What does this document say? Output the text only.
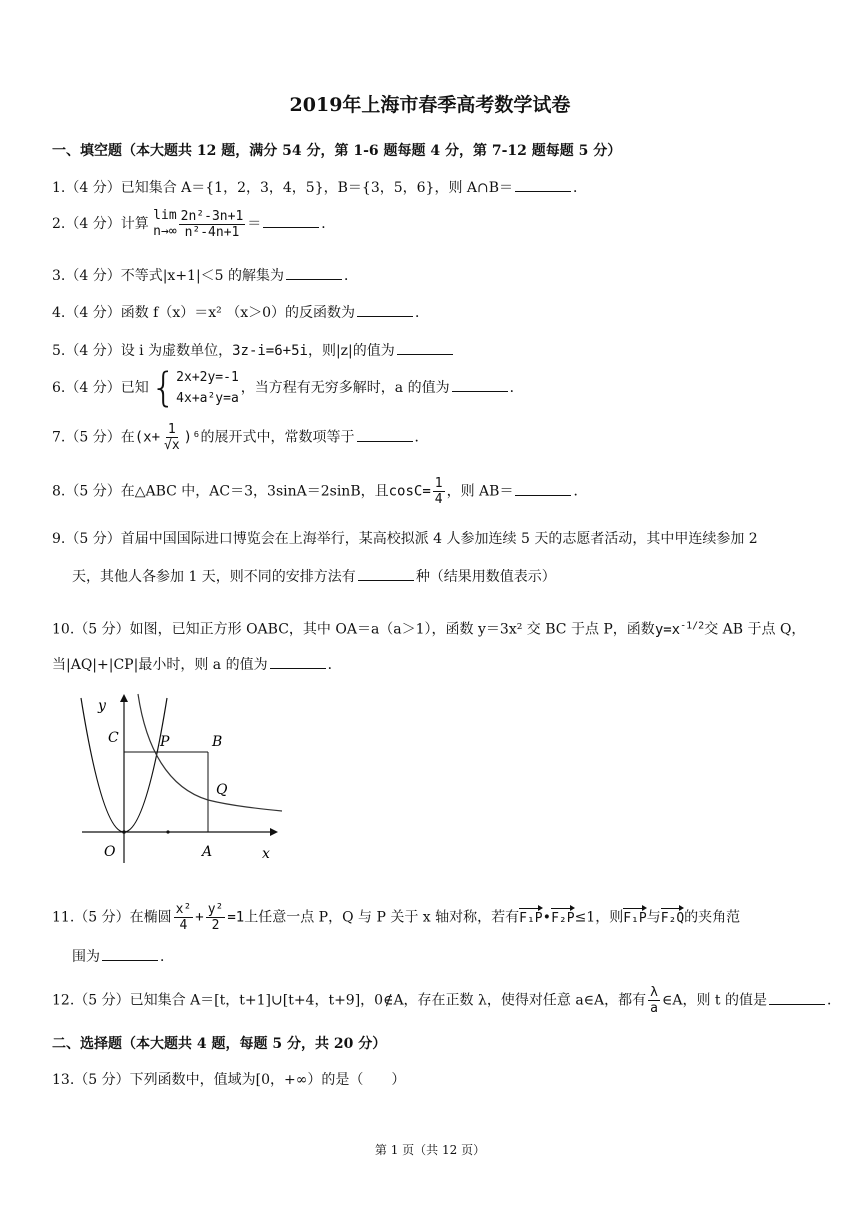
2019年上海市春季高考数学试卷
一、填空题（本大题共 12 题，满分 54 分，第 1-6 题每题 4 分，第 7-12 题每题 5 分）
1.（4 分）已知集合 A＝{1，2，3，4，5}，B＝{3，5，6}，则 A∩B＝	．
2.（4 分）计算
lim
$n\to\infty \frac{\text{2n²-3n+1}}{\text{n²-4n+1}}$ ＝	．
3.（4 分）不等式|x+1|＜5 的解集为	．
4.（4 分）函数 f（x）＝x² （x＞0）的反函数为	．
5.（4 分）设 i 为虚数单位，3z-i=6+5i，则|z|的值为
6.（4 分）已知 { 2x+2y=-1
4x+a²y=a
，当方程有无穷多解时，a 的值为	．
7.（5 分）在$(x+ \frac{1}{√x} )^6$的展开式中，常数项等于	．
8.（5 分）在△ABC 中，AC＝3，3sinA＝2sinB，且$\cos C= \frac{1}{4}$ ，则 AB＝	．
9.（5 分）首届中国国际进口博览会在上海举行，某高校拟派 4 人参加连续 5 天的志愿者活动，其中甲连续参加 2
天，其他人各参加 1 天，则不同的安排方法有	种（结果用数值表示）
10.（5 分）如图，已知正方形 OABC，其中 OA＝a（a＞1），函数 y＝3x² 交 BC 于点 P，函数$y=x^{-1/2}$交 AB 于点 Q，
当|AQ|+|CP|最小时，则 a 的值为	．
y
x
C	P	B
Q
O	A
11.（5 分）在椭圆 $\frac{\text{x²}}{4} + \frac{\text{y²}}{2} =1$上任意一点 P，Q 与 P 关于 x 轴对称，若有F₁P•F₂P≤1，则F₁P与F₂Q的夹角范
围为	．
12.（5 分）已知集合 A＝[t，t+1]∪[t+4，t+9]，0∉A，存在正数 λ，使得对任意 a∈A，都有 $\frac{\lambda}{a}$ ∈A，则 t 的值是	．
二、选择题（本大题共 4 题，每题 5 分，共 20 分）
13.（5 分）下列函数中，值域为[0，+∞）的是（　　）
第 1 页（共 12 页）
